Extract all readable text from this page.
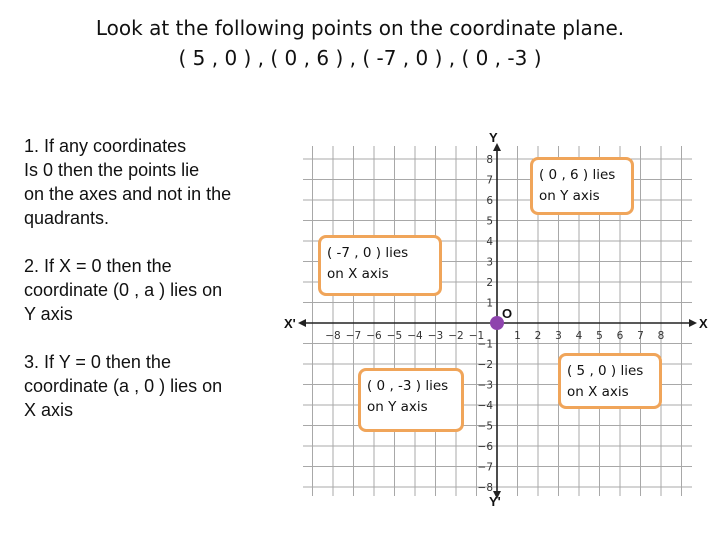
Look at the following points on the coordinate plane.
( 5 , 0 ) , ( 0 , 6 ) , ( -7 , 0 ) , ( 0 , -3 )
1. If any coordinates
Is 0 then the points lie
on the axes and not in the
quadrants.
2. If X = 0 then the
coordinate (0 , a ) lies on
Y axis
3. If Y = 0 then the
coordinate (a , 0 ) lies on
X axis
−8
−8
−7
−7
−6
−6
−5
−5
−4
−4
−3
−3
−2
−2
−1
−1
1
1
2
2
3
3
4
4
5
5
6
6
7
7
8
8
X
X'
Y
Y'
O
( 0 , 6 ) lies
on Y axis
( -7 , 0 ) lies
on X axis
( 0 , -3 ) lies
on Y axis
( 5 , 0 ) lies
on X axis
